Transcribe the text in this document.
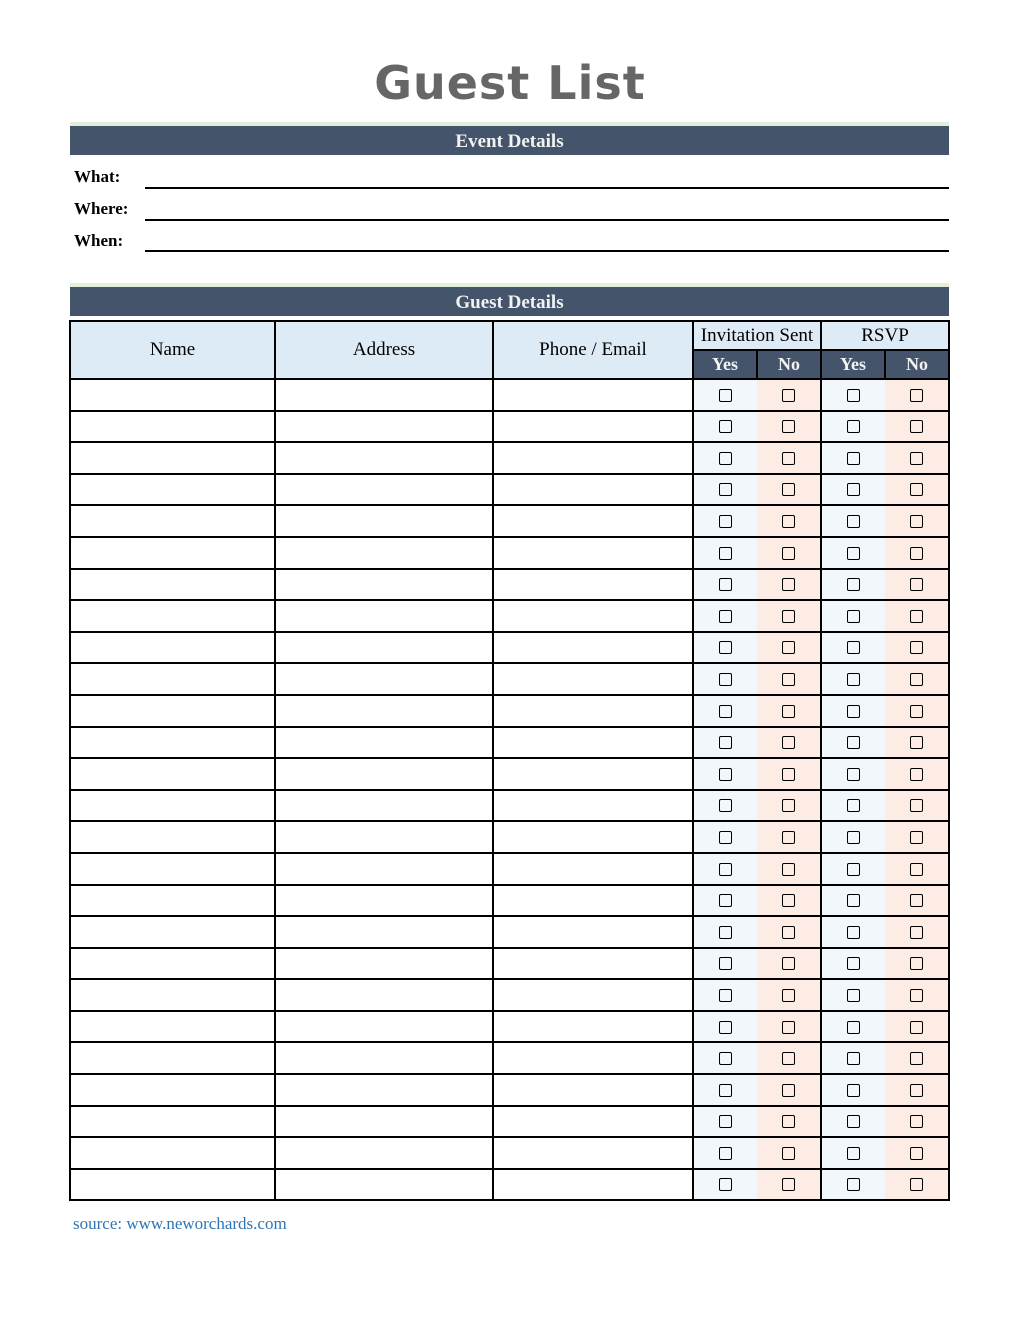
Guest List
Event Details
What:
Where:
When:
Guest Details
Name	Address	Phone / Email	Invitation Sent		RSVP	
			Yes	No	Yes	No

source: www.neworchards.com
